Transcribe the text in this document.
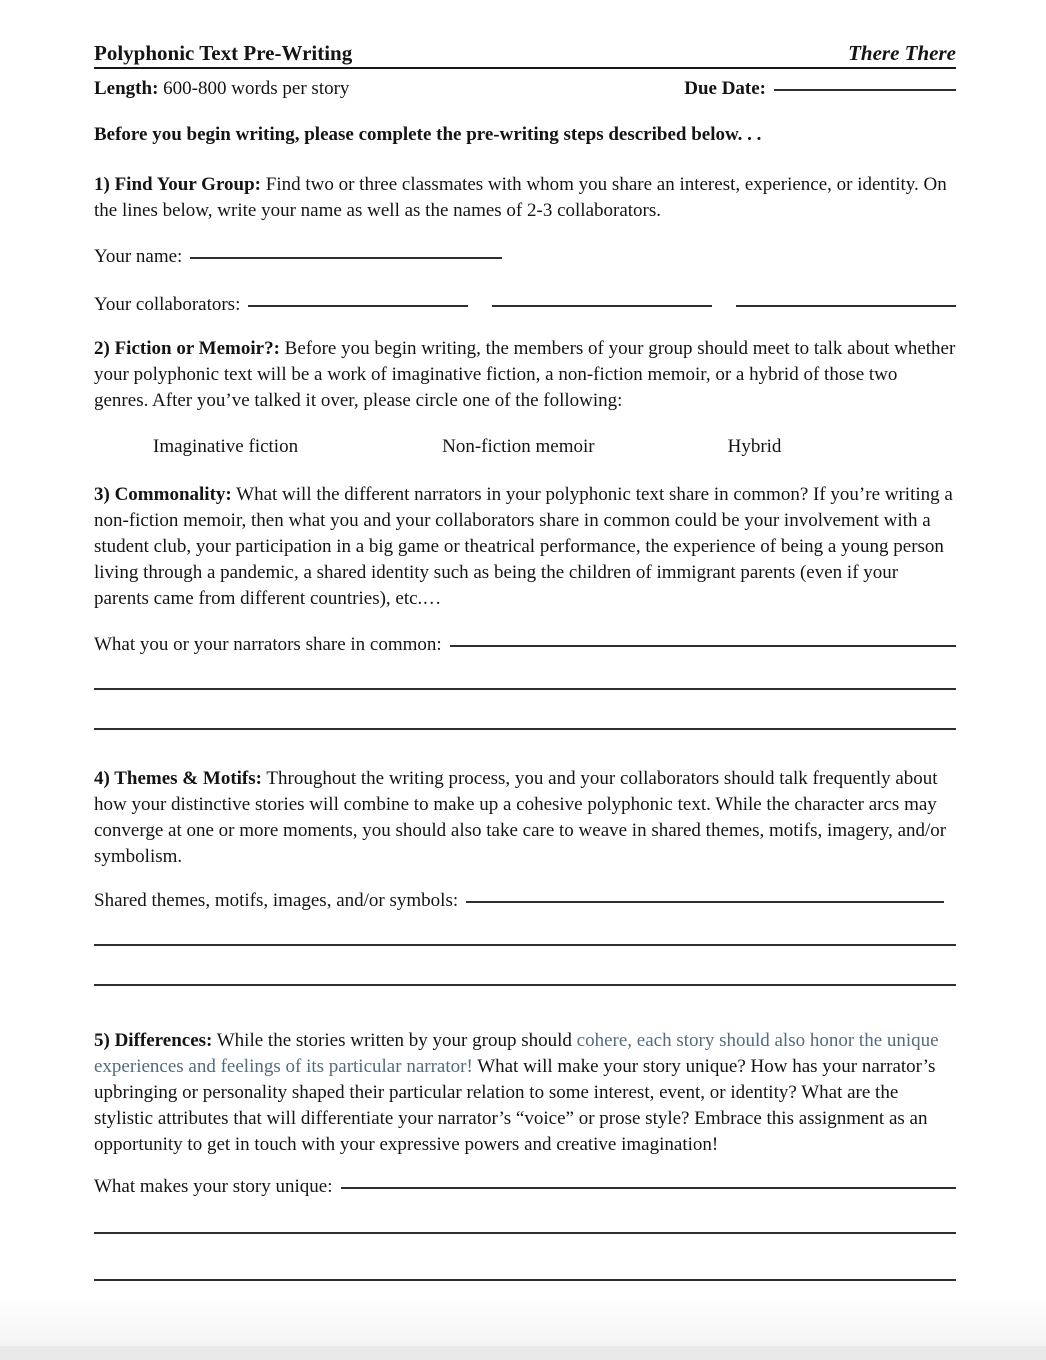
Polyphonic Text Pre-Writing	There There
Length: 600-800 words per story	Due Date:

Before you begin writing, please complete the pre-writing steps described below. . .

1) Find Your Group: Find two or three classmates with whom you share an interest, experience, or identity. On the lines below, write your name as well as the names of 2-3 collaborators.

Your name:
Your collaborators:

2) Fiction or Memoir?: Before you begin writing, the members of your group should meet to talk about whether your polyphonic text will be a work of imaginative fiction, a non-fiction memoir, or a hybrid of those two genres. After you’ve talked it over, please circle one of the following:

Imaginative fiction	Non-fiction memoir	Hybrid

3) Commonality: What will the different narrators in your polyphonic text share in common? If you’re writing a non-fiction memoir, then what you and your collaborators share in common could be your involvement with a student club, your participation in a big game or theatrical performance, the experience of being a young person living through a pandemic, a shared identity such as being the children of immigrant parents (even if your parents came from different countries), etc.…

What you or your narrators share in common:

4) Themes & Motifs: Throughout the writing process, you and your collaborators should talk frequently about how your distinctive stories will combine to make up a cohesive polyphonic text. While the character arcs may converge at one or more moments, you should also take care to weave in shared themes, motifs, imagery, and/or symbolism.

Shared themes, motifs, images, and/or symbols:

5) Differences: While the stories written by your group should cohere, each story should also honor the unique experiences and feelings of its particular narrator! What will make your story unique? How has your narrator’s upbringing or personality shaped their particular relation to some interest, event, or identity? What are the stylistic attributes that will differentiate your narrator’s “voice” or prose style? Embrace this assignment as an opportunity to get in touch with your expressive powers and creative imagination!

What makes your story unique:
